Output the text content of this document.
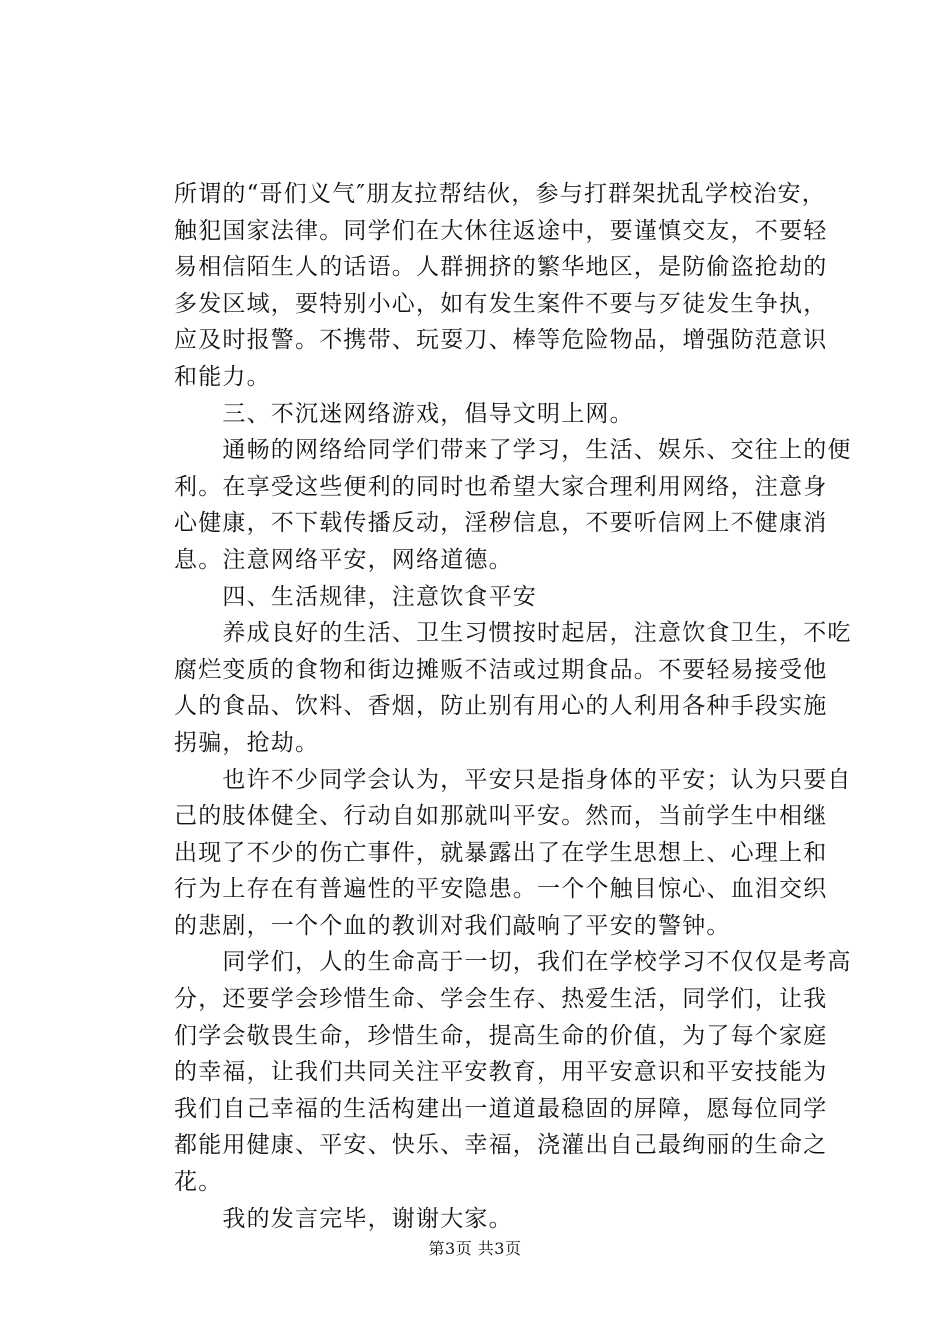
所谓的“哥们义气″朋友拉帮结伙，参与打群架扰乱学校治安，
触犯国家法律。同学们在大休往返途中，要谨慎交友，不要轻
易相信陌生人的话语。人群拥挤的繁华地区，是防偷盗抢劫的
多发区域，要特别小心，如有发生案件不要与歹徒发生争执，
应及时报警。不携带、玩耍刀、棒等危险物品，增强防范意识
和能力。
　　三、不沉迷网络游戏，倡导文明上网。
　　通畅的网络给同学们带来了学习，生活、娱乐、交往上的便
利。在享受这些便利的同时也希望大家合理利用网络，注意身
心健康，不下载传播反动，淫秽信息，不要听信网上不健康消
息。注意网络平安，网络道德。
　　四、生活规律，注意饮食平安
　　养成良好的生活、卫生习惯按时起居，注意饮食卫生，不吃
腐烂变质的食物和街边摊贩不洁或过期食品。不要轻易接受他
人的食品、饮料、香烟，防止别有用心的人利用各种手段实施
拐骗，抢劫。
　　也许不少同学会认为，平安只是指身体的平安；认为只要自
己的肢体健全、行动自如那就叫平安。然而，当前学生中相继
出现了不少的伤亡事件，就暴露出了在学生思想上、心理上和
行为上存在有普遍性的平安隐患。一个个触目惊心、血泪交织
的悲剧，一个个血的教训对我们敲响了平安的警钟。
　　同学们，人的生命高于一切，我们在学校学习不仅仅是考高
分，还要学会珍惜生命、学会生存、热爱生活，同学们，让我
们学会敬畏生命，珍惜生命，提高生命的价值，为了每个家庭
的幸福，让我们共同关注平安教育，用平安意识和平安技能为
我们自己幸福的生活构建出一道道最稳固的屏障，愿每位同学
都能用健康、平安、快乐、幸福，浇灌出自己最绚丽的生命之
花。
　　我的发言完毕，谢谢大家。
第3页 共3页
